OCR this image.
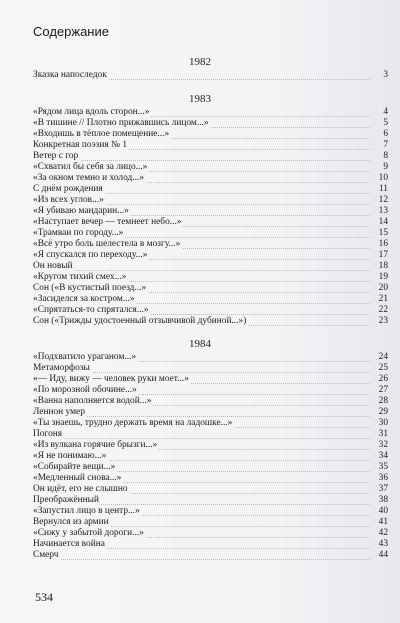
Содержание
1982
Зказка напоследок	3
1983
«Рядом лица вдоль сторон...»	4
«В тишине // Плотно прижавшись лицом...»	5
«Входишь в тёплое помещение...»	6
Конкретная поэзия № 1	7
Ветер с гор	8
«Схватил бы себя за лицо...»	9
«За окном темно и холод...»	10
С днём рождения	11
«Из всех углов...»	12
«Я убиваю мандарин...»	13
«Наступает вечер — темнеет небо...»	14
«Трамваи по городу...»	15
«Всё утро боль шелестела в мозгу...»	16
«Я спускался по переходу...»	17
Он новый	18
«Кругом тихий смех...»	19
Сон («В кустистый поезд...»	20
«Засиделся за костром...»	21
«Спрятаться-то спрятался...»	22
Сон («Трижды удостоенный отзывчивой дубиной...»)	23
1984
«Подхватило ураганом...»	24
Метаморфозы	25
«— Иду, вижу — человек руки моет...»	26
«По морозной обочине...»	27
«Ванна наполняется водой...»	28
Леннон умер	29
«Ты знаешь, трудно держать время на ладошке...»	30
Погоня	31
«Из вулкана горячие брызги...»	32
«Я не понимаю...»	34
«Собирайте вещи...»	35
«Медленный снова...»	36
Он идёт, его не слышно	37
Преображённый	38
«Запустил лицо в центр...»	40
Вернулся из армии	41
«Сижу у забытой дороги...»	42
Начинается война	43
Смерч	44
534
